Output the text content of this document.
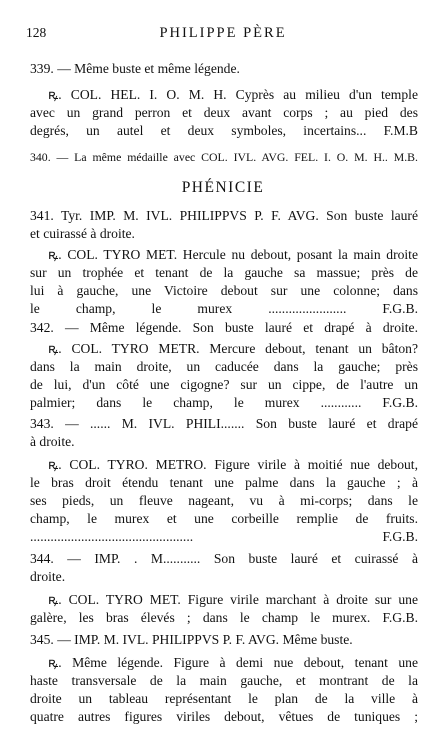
128	PHILIPPE PÈRE
339. — Même buste et même légende.
ꝶ. COL. HEL. I. O. M. H. Cyprès au milieu d'un temple
avec un grand perron et deux avant corps ; au pied des
degrés, un autel et deux symboles, incertains... F.M.B
340. — La même médaille avec COL. IVL. AVG. FEL. I. O. M. H.. M.B.
PHÉNICIE
341. Tyr. IMP. M. IVL. PHILIPPVS P. F. AVG. Son buste lauré
et cuirassé à droite.
ꝶ. COL. TYRO MET. Hercule nu debout, posant la main droite
sur un trophée et tenant de la gauche sa massue; près de
lui à gauche, une Victoire debout sur une colonne; dans
le champ, le murex ....................... F.G.B.
342. — Même légende. Son buste lauré et drapé à droite.
ꝶ. COL. TYRO METR. Mercure debout, tenant un bâton?
dans la main droite, un caducée dans la gauche; près
de lui, d'un côté une cigogne? sur un cippe, de l'autre un
palmier; dans le champ, le murex ............ F.G.B.
343. — ...... M. IVL. PHILI....... Son buste lauré et drapé
à droite.
ꝶ. COL. TYRO. METRO. Figure virile à moitié nue debout,
le bras droit étendu tenant une palme dans la gauche ; à
ses pieds, un fleuve nageant, vu à mi-corps; dans le
champ, le murex et une corbeille remplie de fruits.
................................................ F.G.B.
344. — IMP. . M........... Son buste lauré et cuirassé à
droite.
ꝶ. COL. TYRO MET. Figure virile marchant à droite sur une
galère, les bras élevés ; dans le champ le murex. F.G.B.
345. — IMP. M. IVL. PHILIPPVS P. F. AVG. Même buste.
ꝶ. Même légende. Figure à demi nue debout, tenant une
haste transversale de la main gauche, et montrant de la
droite un tableau représentant le plan de la ville à
quatre autres figures viriles debout, vêtues de tuniques ;
